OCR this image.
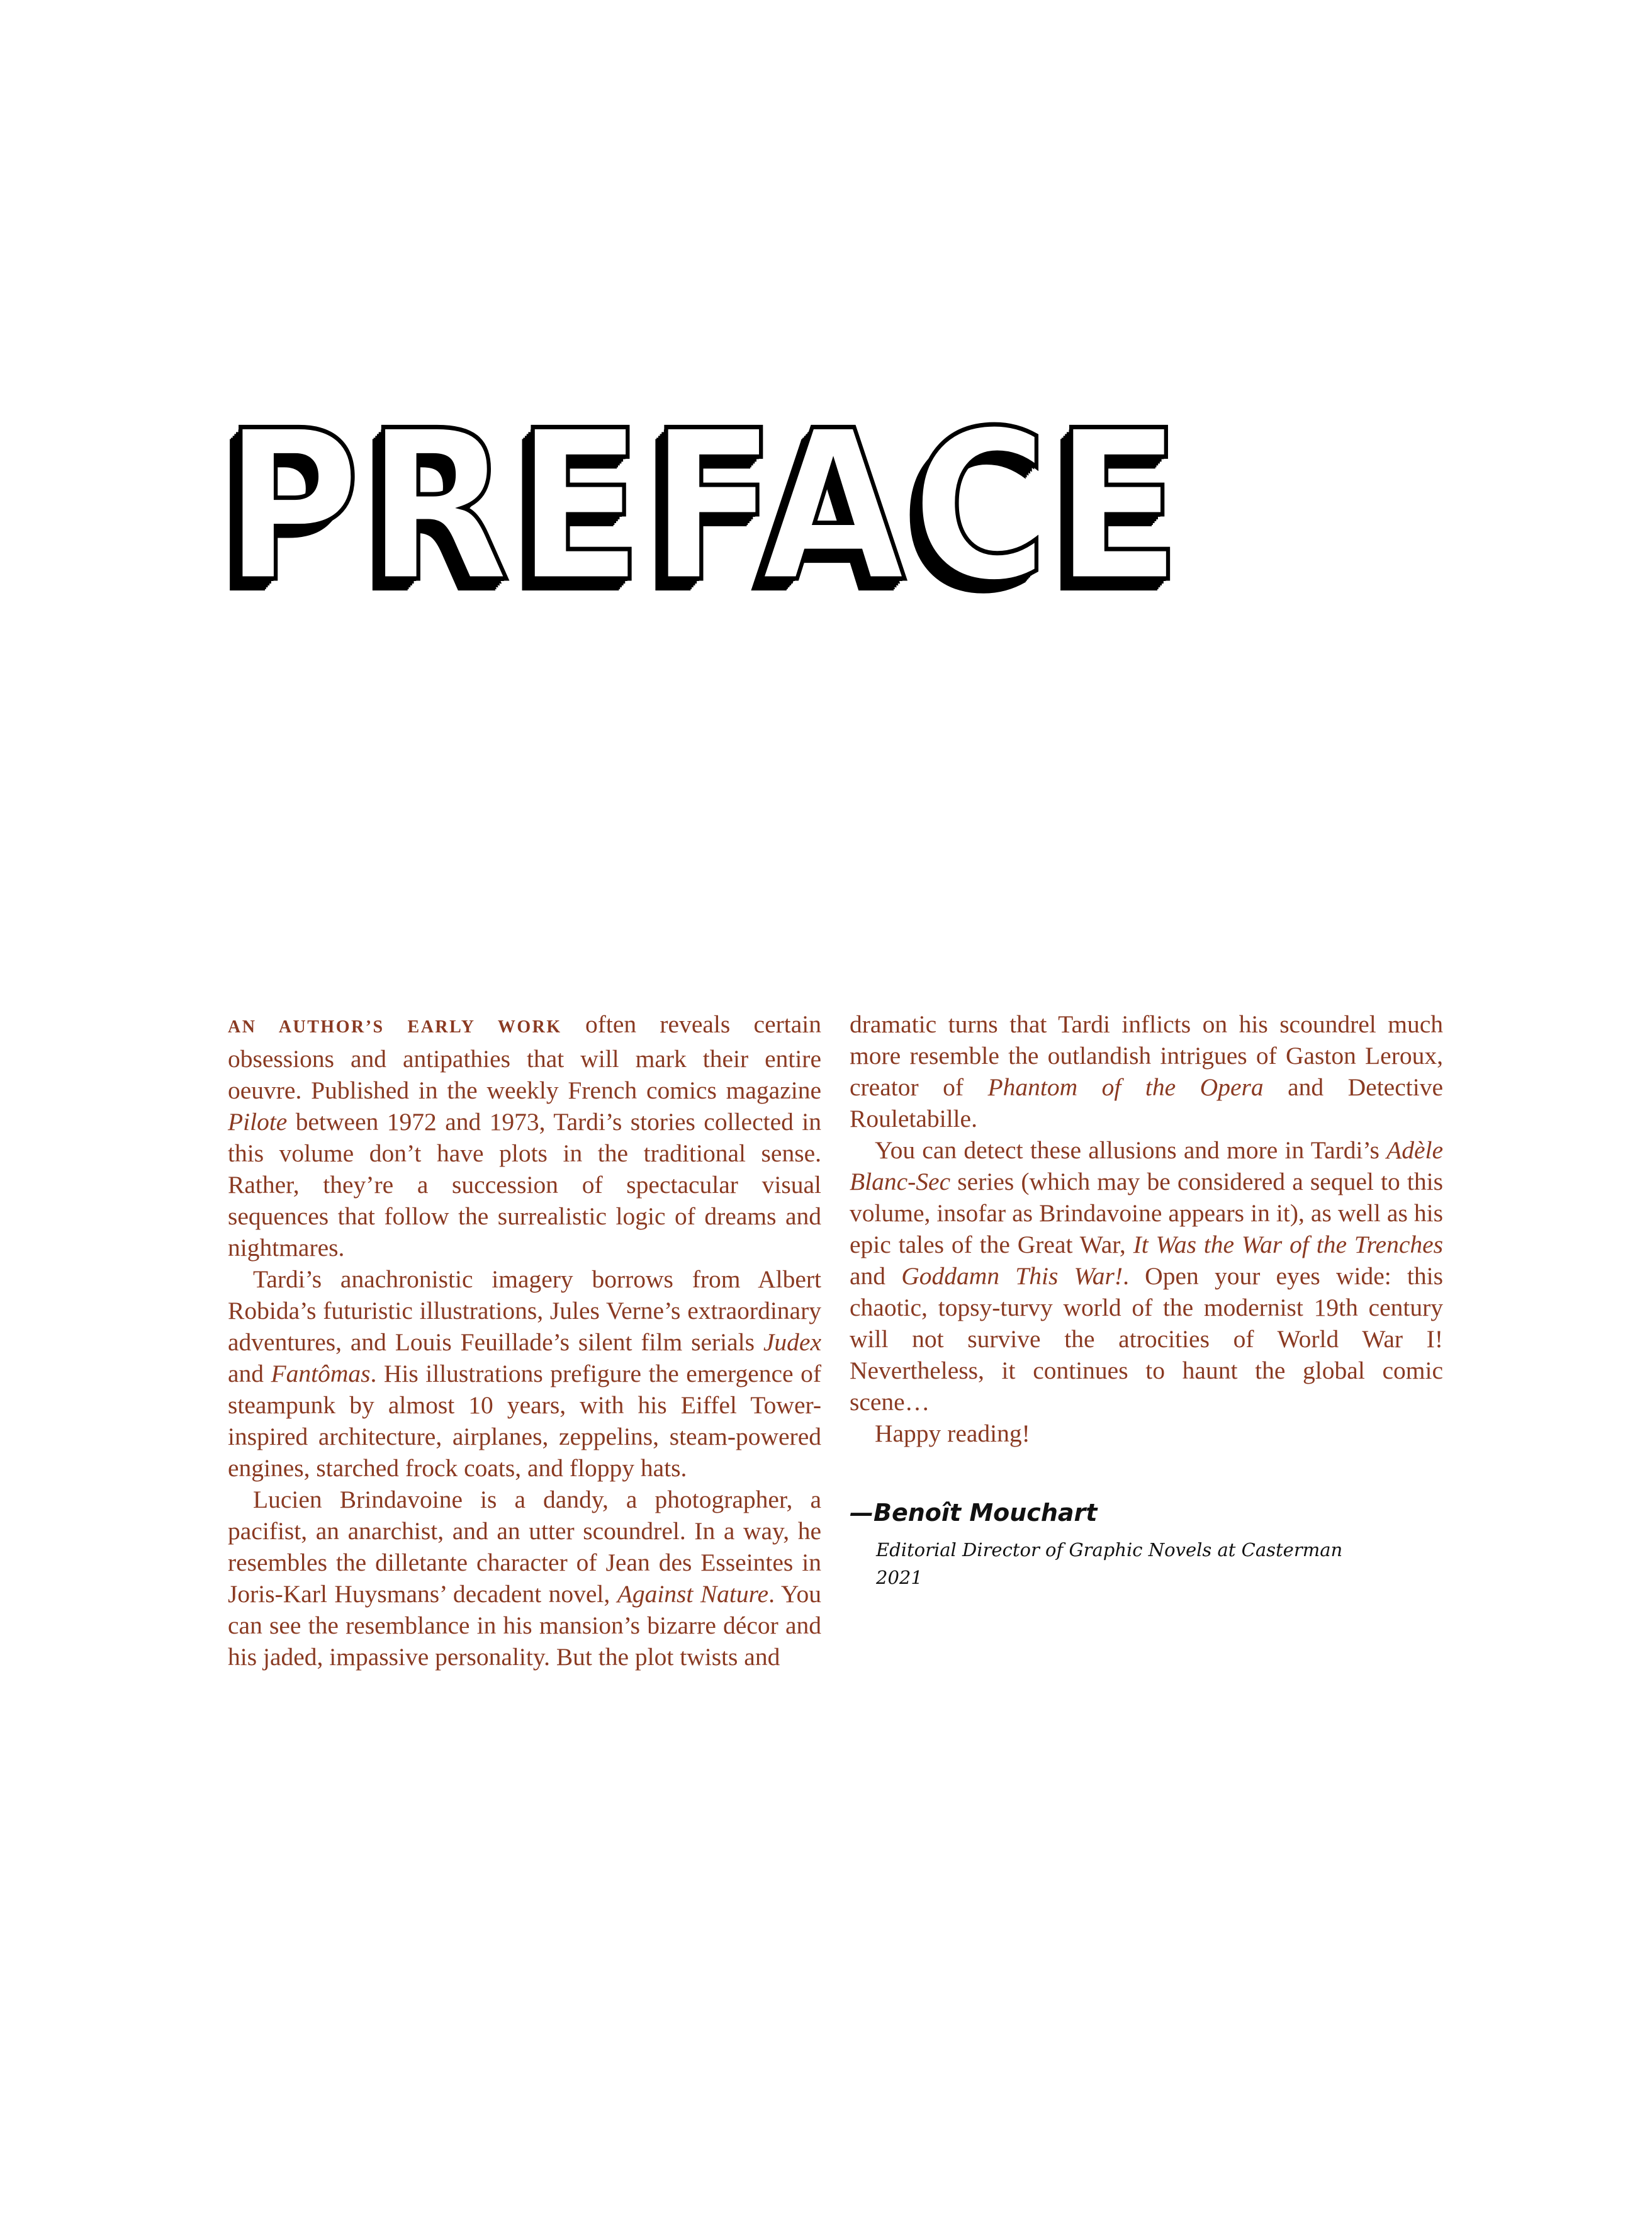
PREFACE

AN AUTHOR’S EARLY WORK often reveals certain obsessions and antipathies that will mark their entire oeuvre. Published in the weekly French comics magazine Pilote between 1972 and 1973, Tardi’s stories collected in this volume don’t have plots in the traditional sense. Rather, they’re a succession of spectacular visual sequences that follow the surrealistic logic of dreams and nightmares.

Tardi’s anachronistic imagery borrows from Albert Robida’s futuristic illustrations, Jules Verne’s extraordinary adventures, and Louis Feuillade’s silent film serials Judex and Fantômas. His illustrations prefigure the emergence of steampunk by almost 10 years, with his Eiffel Tower-inspired architecture, airplanes, zeppelins, steam-powered engines, starched frock coats, and floppy hats.

Lucien Brindavoine is a dandy, a photographer, a pacifist, an anarchist, and an utter scoundrel. In a way, he resembles the dilletante character of Jean des Esseintes in Joris-Karl Huysmans’ decadent novel, Against Nature. You can see the resemblance in his mansion’s bizarre décor and his jaded, impassive personality. But the plot twists and

dramatic turns that Tardi inflicts on his scoundrel much more resemble the outlandish intrigues of Gaston Leroux, creator of Phantom of the Opera and Detective Rouletabille.

You can detect these allusions and more in Tardi’s Adèle Blanc-Sec series (which may be considered a sequel to this volume, insofar as Brindavoine appears in it), as well as his epic tales of the Great War, It Was the War of the Trenches and Goddamn This War!. Open your eyes wide: this chaotic, topsy-turvy world of the modernist 19th century will not survive the atrocities of World War I! Nevertheless, it continues to haunt the global comic scene…

Happy reading!

—Benoît Mouchart
Editorial Director of Graphic Novels at Casterman
2021
